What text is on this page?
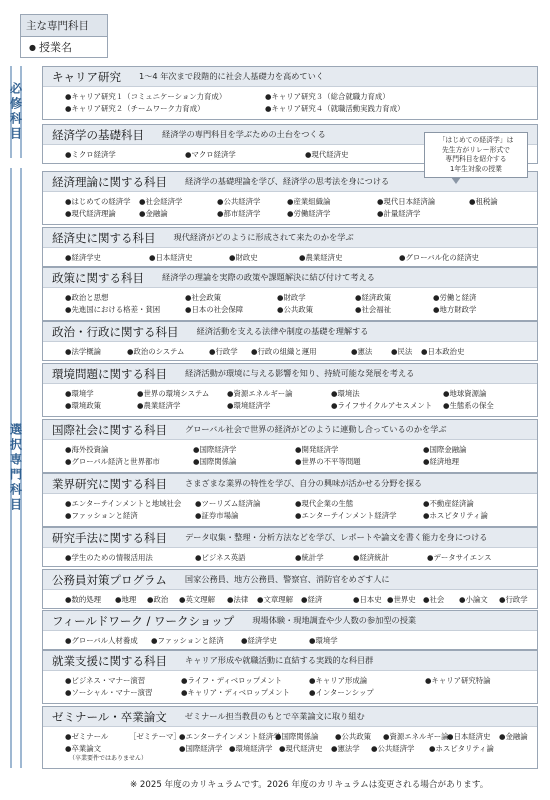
主な専門科目
● 授業名
必修科目
選択専門科目
キャリア研究 1〜4 年次まで段階的に社会人基礎力を高めていく
●キャリア研究１（コミュニケーション力育成）	●キャリア研究３（総合就職力育成）
●キャリア研究２（チームワーク力育成）	●キャリア研究４（就職活動実践力育成）
経済学の基礎科目 経済学の専門科目を学ぶための土台をつくる
●ミクロ経済学	●マクロ経済学	●現代経済史
経済理論に関する科目 経済学の基礎理論を学び、経済学の思考法を身につける
●はじめての経済学 ●社会経済学	●公共経済学	●産業組織論	●現代日本経済論	●租税論
●現代経済理論	●金融論	●都市経済学	●労働経済学	●計量経済学
経済史に関する科目 現代経済がどのように形成されて来たのかを学ぶ
●経済学史	●日本経済史	●財政史	●農業経済史	●グローバル化の経済史
政策に関する科目 経済学の理論を実際の政策や課題解決に結び付けて考える
●政治と思想	●社会政策	●財政学	●経済政策	●労働と経済
●先進国における格差・貧困	●日本の社会保障	●公共政策	●社会福祉	●地方財政学
政治・行政に関する科目 経済活動を支える法律や制度の基礎を理解する
●法学概論	●政治のシステム	●行政学 ●行政の組織と運用	●憲法	●民法 ●日本政治史
環境問題に関する科目 経済活動が環境に与える影響を知り、持続可能な発展を考える
●環境学	●世界の環境システム ●資源エネルギー論	●環境法	●地球資源論
●環境政策	●農業経済学	●環境経済学	●ライフサイクルアセスメント ●生態系の保全
国際社会に関する科目 グローバル社会で世界の経済がどのように連動し合っているのかを学ぶ
●海外投資論	●国際経済学	●開発経済学	●国際金融論
●グローバル経済と世界都市	●国際関係論	●世界の不平等問題	●経済地理
業界研究に関する科目 さまざまな業界の特性を学び、自分の興味が活かせる分野を探る
●エンターテインメントと地域社会 ●ツーリズム経済論	●現代企業の生態	●不動産経済論
●ファッションと経済	●証券市場論	●エンターテインメント経済学	●ホスピタリティ論
研究手法に関する科目 データ収集・整理・分析方法などを学び、レポートや論文を書く能力を身につける
●学生のための情報活用法	●ビジネス英語	●統計学	●経済統計	●データサイエンス
公務員対策プログラム 国家公務員、地方公務員、警察官、消防官をめざす人に
●数的処理 ●地理 ●政治 ●英文理解 ●法律 ●文章理解 ●経済	●日本史 ●世界史 ●社会 ●小論文 ●行政学
フィールドワーク / ワークショップ 現場体験・現地調査や少人数の参加型の授業
●グローバル人材養成 ●ファッションと経済 ●経済学史	●環境学
就業支援に関する科目 キャリア形成や就職活動に直結する実践的な科目群
●ビジネス・マナー演習	●ライフ・ディベロップメント	●キャリア形成論	●キャリア研究特論
●ソーシャル・マナー演習	●キャリア・ディベロップメント	●インターンシップ
ゼミナール・卒業論文 ゼミナール担当教員のもとで卒業論文に取り組む
●ゼミナール	［ゼミテーマ］
●エンターテインメント経済学
●国際関係論 ●公共政策 ●資源エネルギー論
●日本経済史 ●金融論
●卒業論文	●国際経済学 ●環境経済学 ●現代経済史 ●憲法学 ●公共経済学 ●ホスピタリティ論
（卒業要件ではありません）
「はじめての経済学」は
先生方がリレー形式で
専門科目を紹介する
1年生対象の授業
※ 2025 年度のカリキュラムです。2026 年度のカリキュラムは変更される場合があります。
